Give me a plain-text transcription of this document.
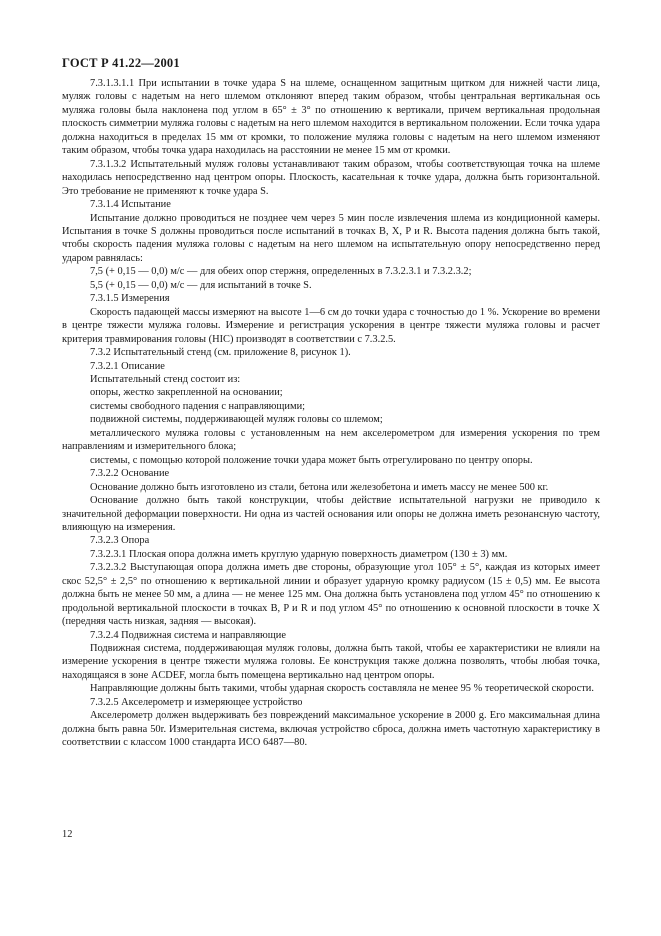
ГОСТ Р 41.22—2001

7.3.1.3.1.1 При испытании в точке удара S на шлеме, оснащенном защитным щитком для нижней части лица, муляж головы с надетым на него шлемом отклоняют вперед таким образом, чтобы центральная вертикальная ось муляжа головы была наклонена под углом в 65° ± 3° по отношению к вертикали, причем вертикальная продольная плоскость симметрии муляжа головы с надетым на него шлемом находится в вертикальном положении. Если точка удара должна находиться в пределах 15 мм от кромки, то положение муляжа головы с надетым на него шлемом изменяют таким образом, чтобы точка удара находилась на расстоянии не менее 15 мм от кромки.

7.3.1.3.2 Испытательный муляж головы устанавливают таким образом, чтобы соответствующая точка на шлеме находилась непосредственно над центром опоры. Плоскость, касательная к точке удара, должна быть горизонтальной. Это требование не применяют к точке удара S.

7.3.1.4 Испытание

Испытание должно проводиться не позднее чем через 5 мин после извлечения шлема из кондиционной камеры. Испытания в точке S должны проводиться после испытаний в точках B, X, P и R. Высота падения должна быть такой, чтобы скорость падения муляжа головы с надетым на него шлемом на испытательную опору непосредственно перед ударом равнялась:

7,5 (+ 0,15 — 0,0) м/с — для обеих опор стержня, определенных в 7.3.2.3.1 и 7.3.2.3.2;

5,5 (+ 0,15 — 0,0) м/с — для испытаний в точке S.

7.3.1.5 Измерения

Скорость падающей массы измеряют на высоте 1—6 см до точки удара с точностью до 1 %. Ускорение во времени в центре тяжести муляжа головы. Измерение и регистрация ускорения в центре тяжести муляжа головы и расчет критерия травмирования головы (HIC) производят в соответствии с 7.3.2.5.

7.3.2 Испытательный стенд (см. приложение 8, рисунок 1).

7.3.2.1 Описание

Испытательный стенд состоит из:

опоры, жестко закрепленной на основании;

системы свободного падения с направляющими;

подвижной системы, поддерживающей муляж головы со шлемом;

металлического муляжа головы с установленным на нем акселерометром для измерения ускорения по трем направлениям и измерительного блока;

системы, с помощью которой положение точки удара может быть отрегулировано по центру опоры.

7.3.2.2 Основание

Основание должно быть изготовлено из стали, бетона или железобетона и иметь массу не менее 500 кг.

Основание должно быть такой конструкции, чтобы действие испытательной нагрузки не приводило к значительной деформации поверхности. Ни одна из частей основания или опоры не должна иметь резонансную частоту, влияющую на измерения.

7.3.2.3 Опора

7.3.2.3.1 Плоская опора должна иметь круглую ударную поверхность диаметром (130 ± 3) мм.

7.3.2.3.2 Выступающая опора должна иметь две стороны, образующие угол 105° ± 5°, каждая из которых имеет скос 52,5° ± 2,5° по отношению к вертикальной линии и образует ударную кромку радиусом (15 ± 0,5) мм. Ее высота должна быть не менее 50 мм, а длина — не менее 125 мм. Она должна быть установлена под углом 45° по отношению к продольной вертикальной плоскости в точках B, P и R и под углом 45° по отношению к основной плоскости в точке X (передняя часть низкая, задняя — высокая).

7.3.2.4 Подвижная система и направляющие

Подвижная система, поддерживающая муляж головы, должна быть такой, чтобы ее характеристики не влияли на измерение ускорения в центре тяжести муляжа головы. Ее конструкция также должна позволять, чтобы любая точка, находящаяся в зоне ACDEF, могла быть помещена вертикально над центром опоры.

Направляющие должны быть такими, чтобы ударная скорость составляла не менее 95 % теоретической скорости.

7.3.2.5 Акселерометр и измеряющее устройство

Акселерометр должен выдерживать без повреждений максимальное ускорение в 2000 g. Его максимальная длина должна быть равна 50r. Измерительная система, включая устройство сброса, должна иметь частотную характеристику в соответствии с классом 1000 стандарта ИСО 6487—80.

12
